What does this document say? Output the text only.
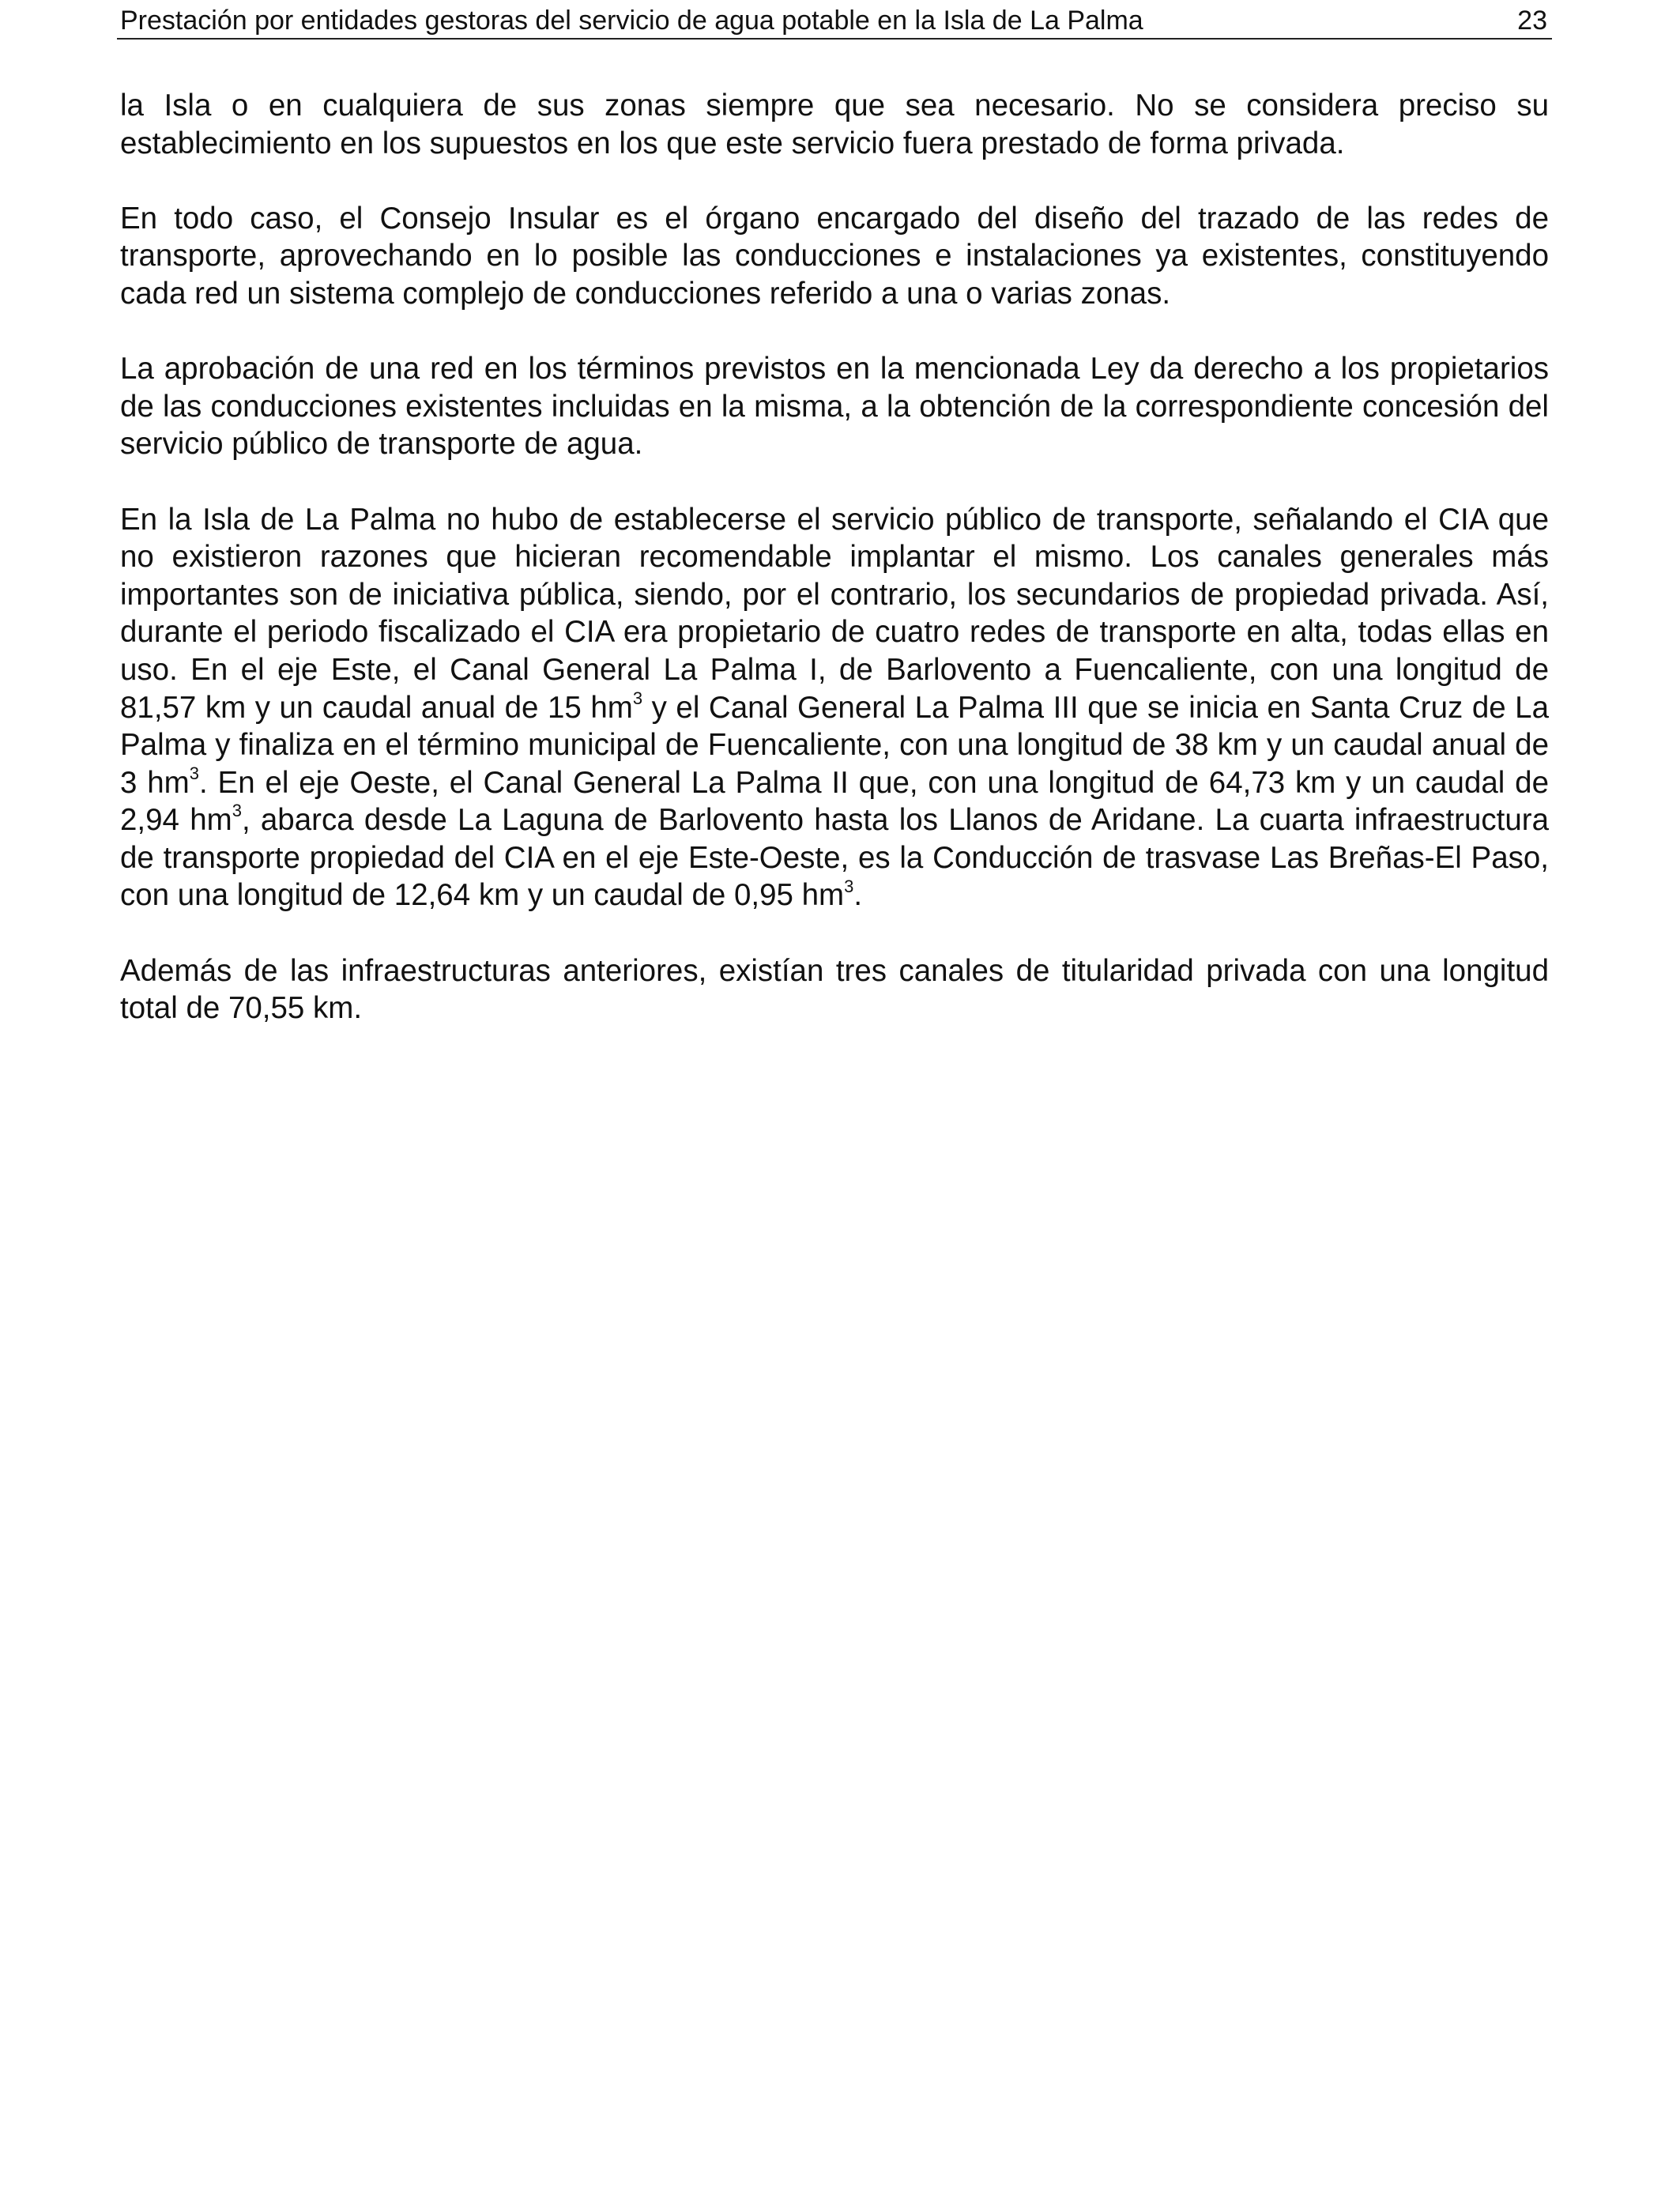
Prestación por entidades gestoras del servicio de agua potable en la Isla de La Palma	23

la Isla o en cualquiera de sus zonas siempre que sea necesario. No se considera preciso su establecimiento en los supuestos en los que este servicio fuera prestado de forma privada.

En todo caso, el Consejo Insular es el órgano encargado del diseño del trazado de las redes de transporte, aprovechando en lo posible las conducciones e instalaciones ya existentes, constituyendo cada red un sistema complejo de conducciones referido a una o varias zonas.

La aprobación de una red en los términos previstos en la mencionada Ley da derecho a los propietarios de las conducciones existentes incluidas en la misma, a la obtención de la correspondiente concesión del servicio público de transporte de agua.

En la Isla de La Palma no hubo de establecerse el servicio público de transporte, señalando el CIA que no existieron razones que hicieran recomendable implantar el mismo. Los canales generales más importantes son de iniciativa pública, siendo, por el contrario, los secundarios de propiedad privada. Así, durante el periodo fiscalizado el CIA era propietario de cuatro redes de transporte en alta, todas ellas en uso. En el eje Este, el Canal General La Palma I, de Barlovento a Fuencaliente, con una longitud de 81,57 km y un caudal anual de 15 $hm^3$ y el Canal General La Palma III que se inicia en Santa Cruz de La Palma y finaliza en el término municipal de Fuencaliente, con una longitud de 38 km y un caudal anual de 3 $hm^3$. En el eje Oeste, el Canal General La Palma II que, con una longitud de 64,73 km y un caudal de 2,94 $hm^3$, abarca desde La Laguna de Barlovento hasta los Llanos de Aridane. La cuarta infraestructura de transporte propiedad del CIA en el eje Este-Oeste, es la Conducción de trasvase Las Breñas-El Paso, con una longitud de 12,64 km y un caudal de 0,95 $hm^3$.

Además de las infraestructuras anteriores, existían tres canales de titularidad privada con una longitud total de 70,55 km.
